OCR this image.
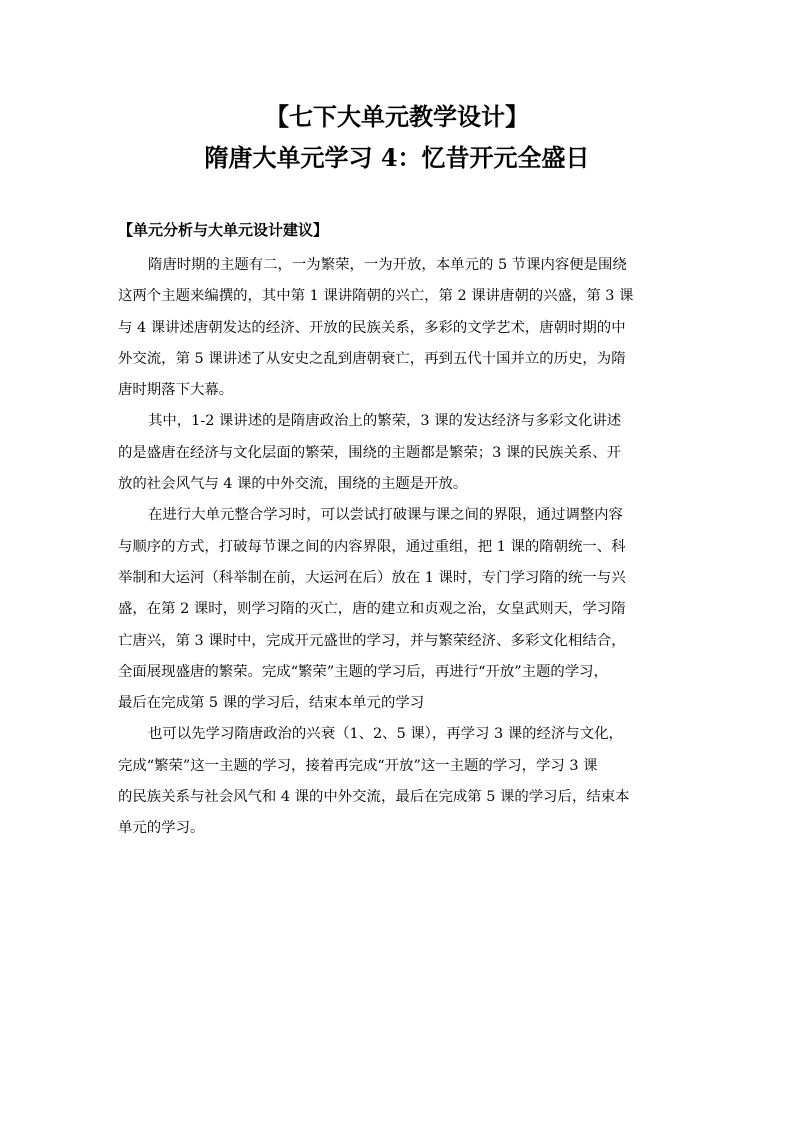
【七下大单元教学设计】
隋唐大单元学习 4：忆昔开元全盛日
【单元分析与大单元设计建议】
隋唐时期的主题有二，一为繁荣，一为开放，本单元的 5 节课内容便是围绕
这两个主题来编撰的，其中第 1 课讲隋朝的兴亡，第 2 课讲唐朝的兴盛，第 3 课
与 4 课讲述唐朝发达的经济、开放的民族关系，多彩的文学艺术，唐朝时期的中
外交流，第 5 课讲述了从安史之乱到唐朝衰亡，再到五代十国并立的历史，为隋
唐时期落下大幕。
其中，1-2 课讲述的是隋唐政治上的繁荣，3 课的发达经济与多彩文化讲述
的是盛唐在经济与文化层面的繁荣，围绕的主题都是繁荣；3 课的民族关系、开
放的社会风气与 4 课的中外交流，围绕的主题是开放。
在进行大单元整合学习时，可以尝试打破课与课之间的界限，通过调整内容
与顺序的方式，打破每节课之间的内容界限，通过重组，把 1 课的隋朝统一、科
举制和大运河（科举制在前，大运河在后）放在 1 课时，专门学习隋的统一与兴
盛，在第 2 课时，则学习隋的灭亡，唐的建立和贞观之治，女皇武则天，学习隋
亡唐兴，第 3 课时中，完成开元盛世的学习，并与繁荣经济、多彩文化相结合，
全面展现盛唐的繁荣。完成“繁荣”主题的学习后，再进行“开放”主题的学习，
最后在完成第 5 课的学习后，结束本单元的学习
也可以先学习隋唐政治的兴衰（1、2、5 课），再学习 3 课的经济与文化，
完成“繁荣”这一主题的学习，接着再完成“开放”这一主题的学习，学习 3 课
的民族关系与社会风气和 4 课的中外交流，最后在完成第 5 课的学习后，结束本
单元的学习。
